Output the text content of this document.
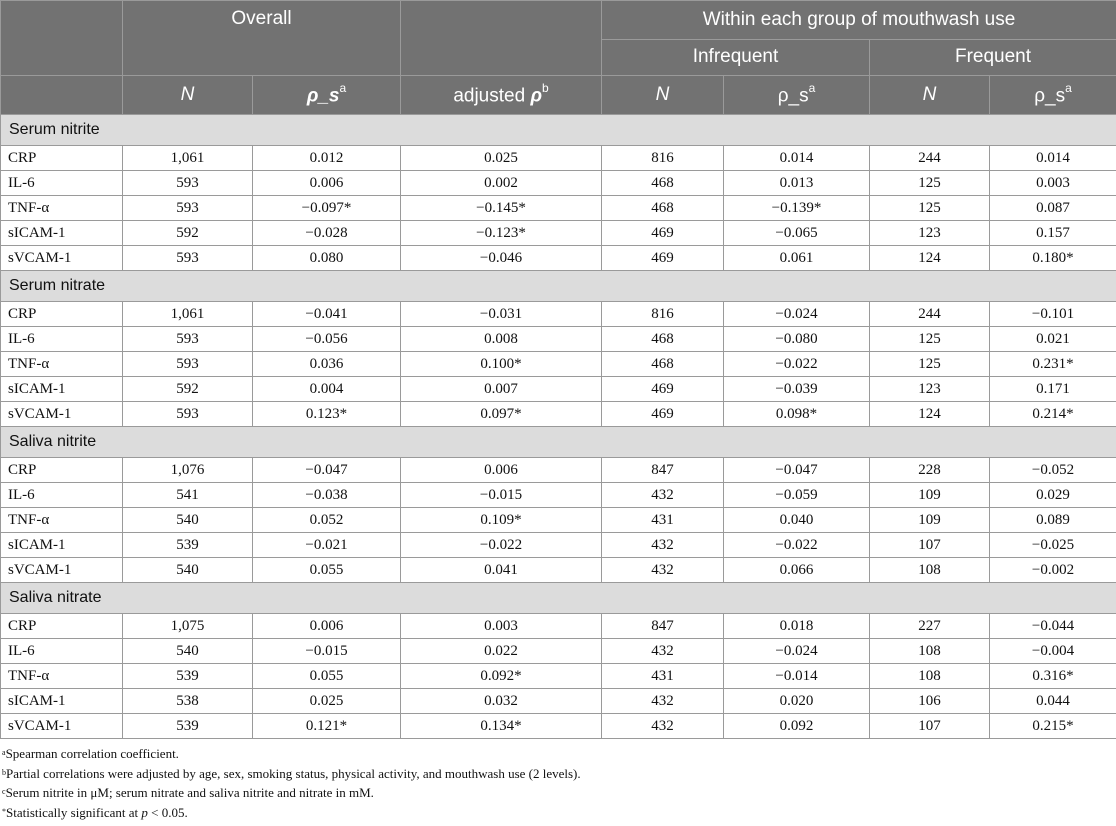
	Overall			Within each group of mouthwash use			
				Infrequent		Frequent	
	N	$\rho\_s^a$	adjusted $\rho^b$	N	$\rho\_s^a$	N	$\rho\_s^a$
Serum nitrite							
CRP	1,061	0.012	0.025	816	0.014	244	0.014
IL-6	593	0.006	0.002	468	0.013	125	0.003
TNF-α	593	−0.097*	−0.145*	468	−0.139*	125	0.087
sICAM-1	592	−0.028	−0.123*	469	−0.065	123	0.157
sVCAM-1	593	0.080	−0.046	469	0.061	124	0.180*
Serum nitrate							
CRP	1,061	−0.041	−0.031	816	−0.024	244	−0.101
IL-6	593	−0.056	0.008	468	−0.080	125	0.021
TNF-α	593	0.036	0.100*	468	−0.022	125	0.231*
sICAM-1	592	0.004	0.007	469	−0.039	123	0.171
sVCAM-1	593	0.123*	0.097*	469	0.098*	124	0.214*
Saliva nitrite							
CRP	1,076	−0.047	0.006	847	−0.047	228	−0.052
IL-6	541	−0.038	−0.015	432	−0.059	109	0.029
TNF-α	540	0.052	0.109*	431	0.040	109	0.089
sICAM-1	539	−0.021	−0.022	432	−0.022	107	−0.025
sVCAM-1	540	0.055	0.041	432	0.066	108	−0.002
Saliva nitrate							
CRP	1,075	0.006	0.003	847	0.018	227	−0.044
IL-6	540	−0.015	0.022	432	−0.024	108	−0.004
TNF-α	539	0.055	0.092*	431	−0.014	108	0.316*
sICAM-1	538	0.025	0.032	432	0.020	106	0.044
sVCAM-1	539	0.121*	0.134*	432	0.092	107	0.215*
$^a$Spearman correlation coefficient.
$^b$Partial correlations were adjusted by age, sex, smoking status, physical activity, and mouthwash use (2 levels).
$^c$Serum nitrite in μM; serum nitrate and saliva nitrite and nitrate in mM.
*Statistically significant at p < 0.05.
